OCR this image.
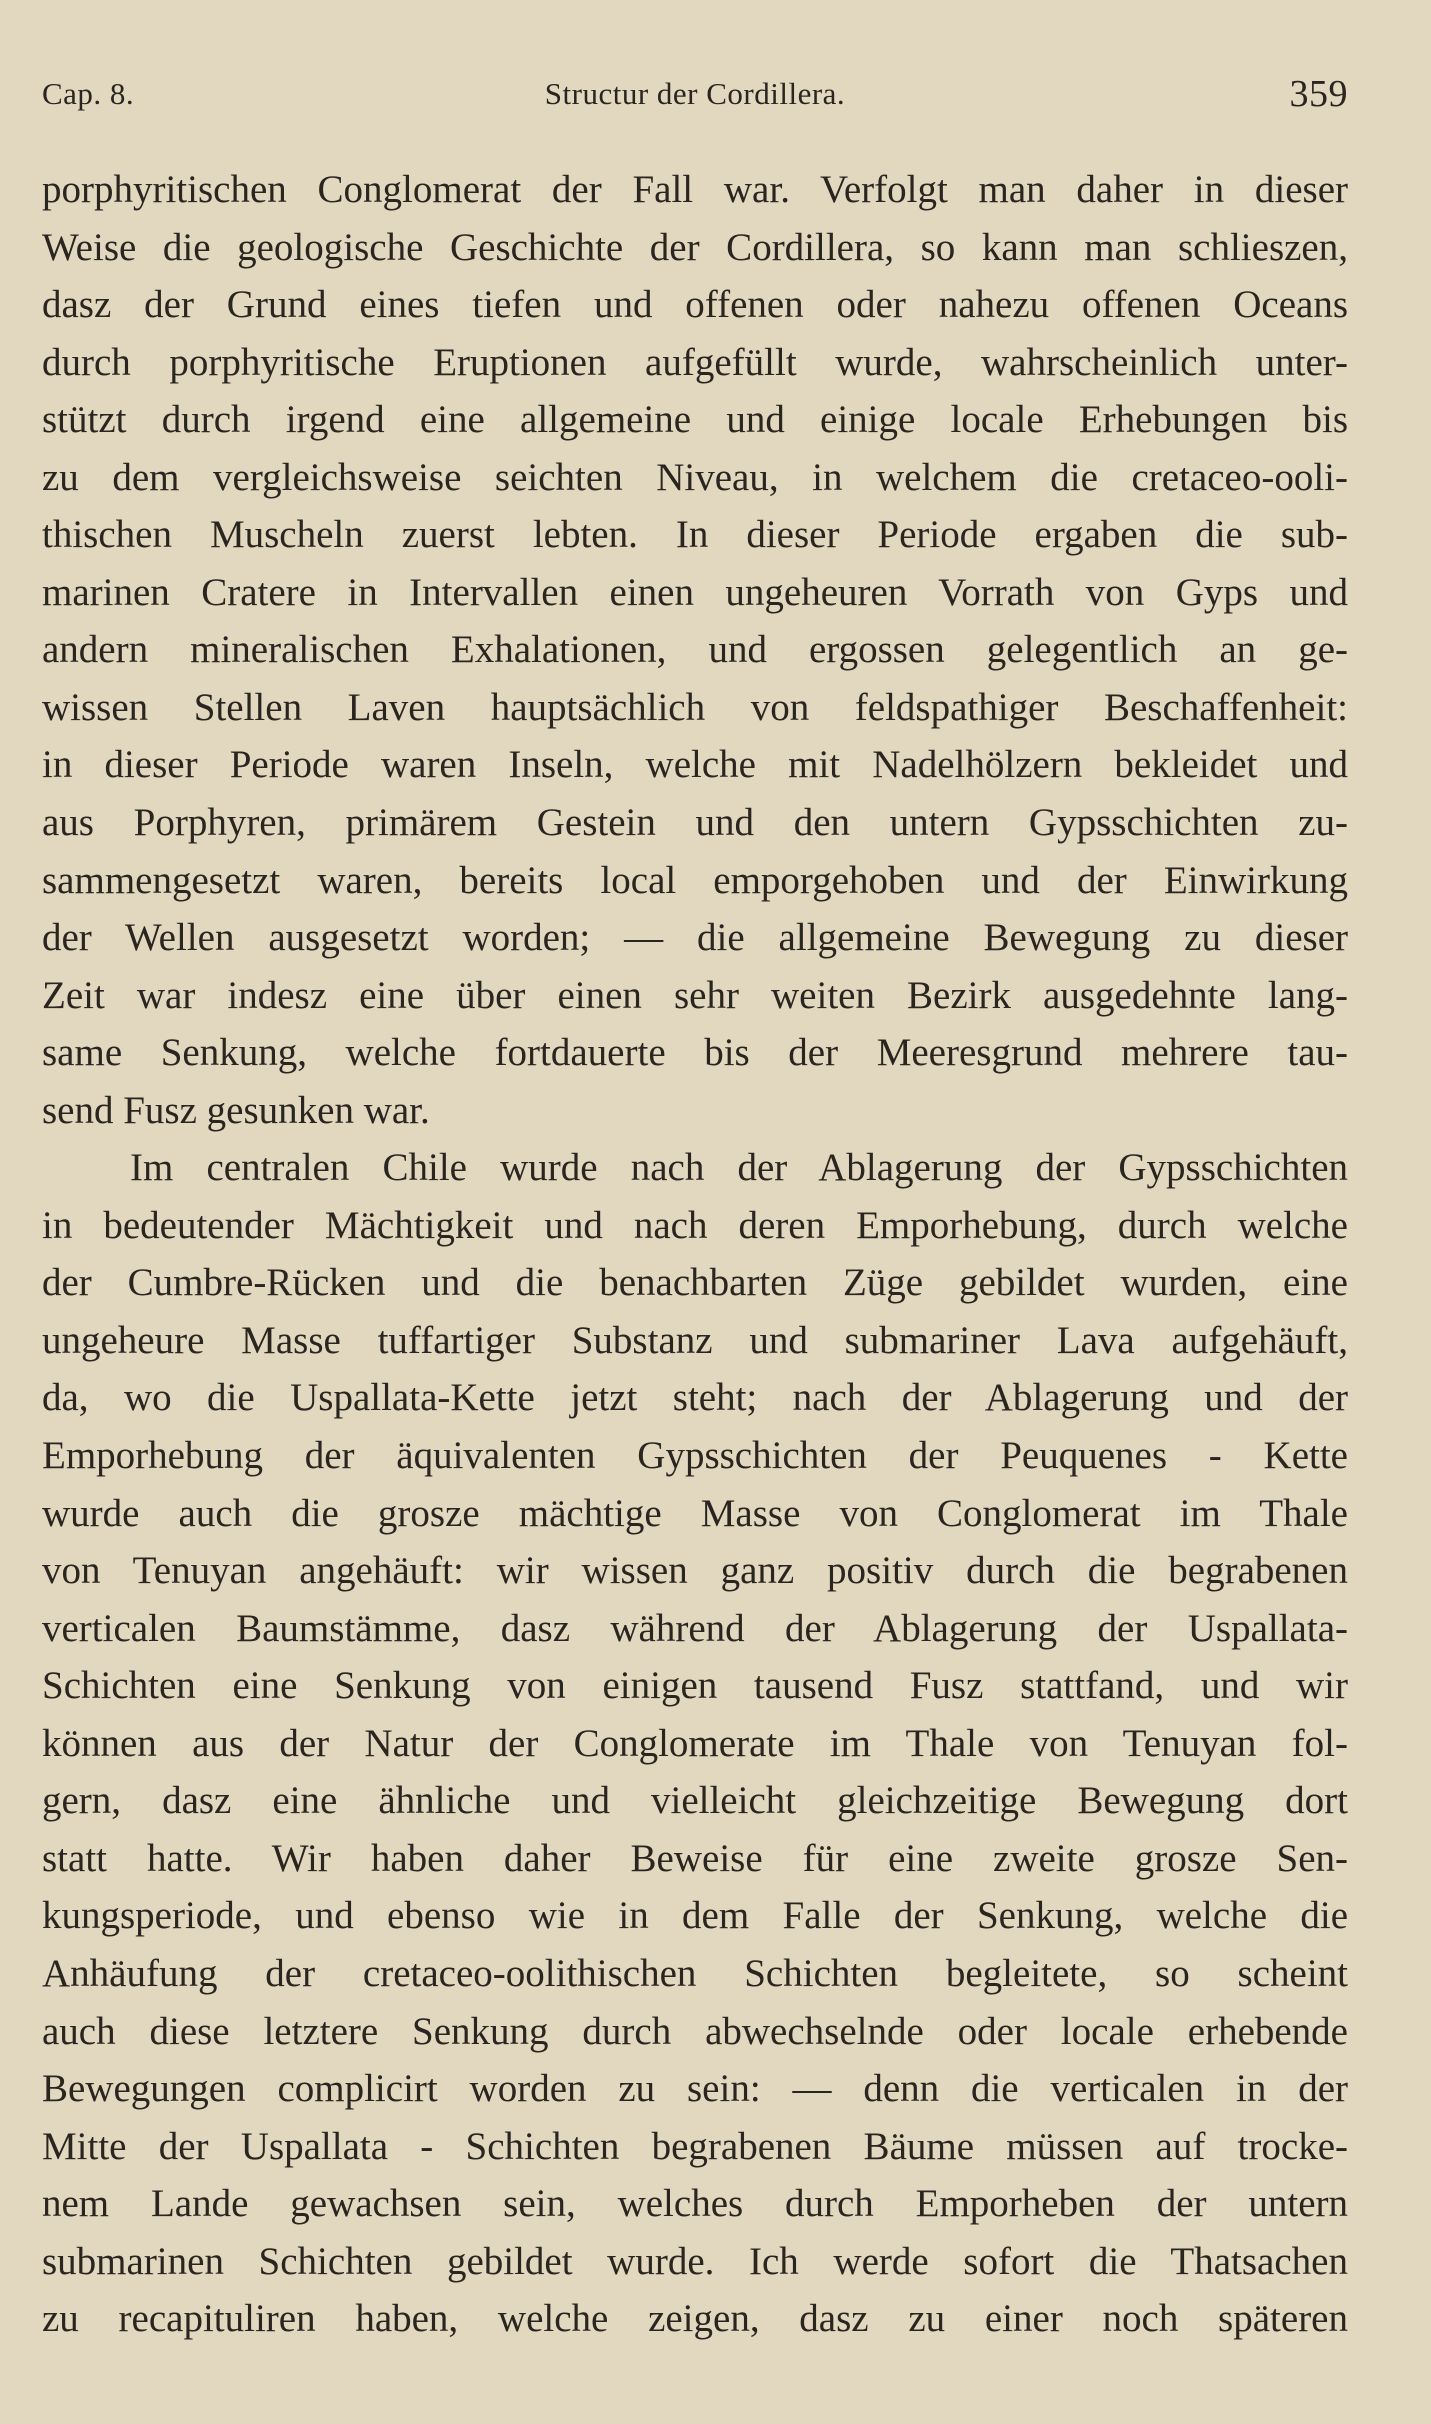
Cap. 8.	Structur der Cordillera.	359
porphyritischen Conglomerat der Fall war. Verfolgt man daher in dieser
Weise die geologische Geschichte der Cordillera, so kann man schlieszen,
dasz der Grund eines tiefen und offenen oder nahezu offenen Oceans
durch porphyritische Eruptionen aufgefüllt wurde, wahrscheinlich unter-
stützt durch irgend eine allgemeine und einige locale Erhebungen bis
zu dem vergleichsweise seichten Niveau, in welchem die cretaceo-ooli-
thischen Muscheln zuerst lebten. In dieser Periode ergaben die sub-
marinen Cratere in Intervallen einen ungeheuren Vorrath von Gyps und
andern mineralischen Exhalationen, und ergossen gelegentlich an ge-
wissen Stellen Laven hauptsächlich von feldspathiger Beschaffenheit:
in dieser Periode waren Inseln, welche mit Nadelhölzern bekleidet und
aus Porphyren, primärem Gestein und den untern Gypsschichten zu-
sammengesetzt waren, bereits local emporgehoben und der Einwirkung
der Wellen ausgesetzt worden; — die allgemeine Bewegung zu dieser
Zeit war indesz eine über einen sehr weiten Bezirk ausgedehnte lang-
same Senkung, welche fortdauerte bis der Meeresgrund mehrere tau-
send Fusz gesunken war.
Im centralen Chile wurde nach der Ablagerung der Gypsschichten
in bedeutender Mächtigkeit und nach deren Emporhebung, durch welche
der Cumbre-Rücken und die benachbarten Züge gebildet wurden, eine
ungeheure Masse tuffartiger Substanz und submariner Lava aufgehäuft,
da, wo die Uspallata-Kette jetzt steht; nach der Ablagerung und der
Emporhebung der äquivalenten Gypsschichten der Peuquenes - Kette
wurde auch die grosze mächtige Masse von Conglomerat im Thale
von Tenuyan angehäuft: wir wissen ganz positiv durch die begrabenen
verticalen Baumstämme, dasz während der Ablagerung der Uspallata-
Schichten eine Senkung von einigen tausend Fusz stattfand, und wir
können aus der Natur der Conglomerate im Thale von Tenuyan fol-
gern, dasz eine ähnliche und vielleicht gleichzeitige Bewegung dort
statt hatte. Wir haben daher Beweise für eine zweite grosze Sen-
kungsperiode, und ebenso wie in dem Falle der Senkung, welche die
Anhäufung der cretaceo-oolithischen Schichten begleitete, so scheint
auch diese letztere Senkung durch abwechselnde oder locale erhebende
Bewegungen complicirt worden zu sein: — denn die verticalen in der
Mitte der Uspallata - Schichten begrabenen Bäume müssen auf trocke-
nem Lande gewachsen sein, welches durch Emporheben der untern
submarinen Schichten gebildet wurde. Ich werde sofort die Thatsachen
zu recapituliren haben, welche zeigen, dasz zu einer noch späteren
